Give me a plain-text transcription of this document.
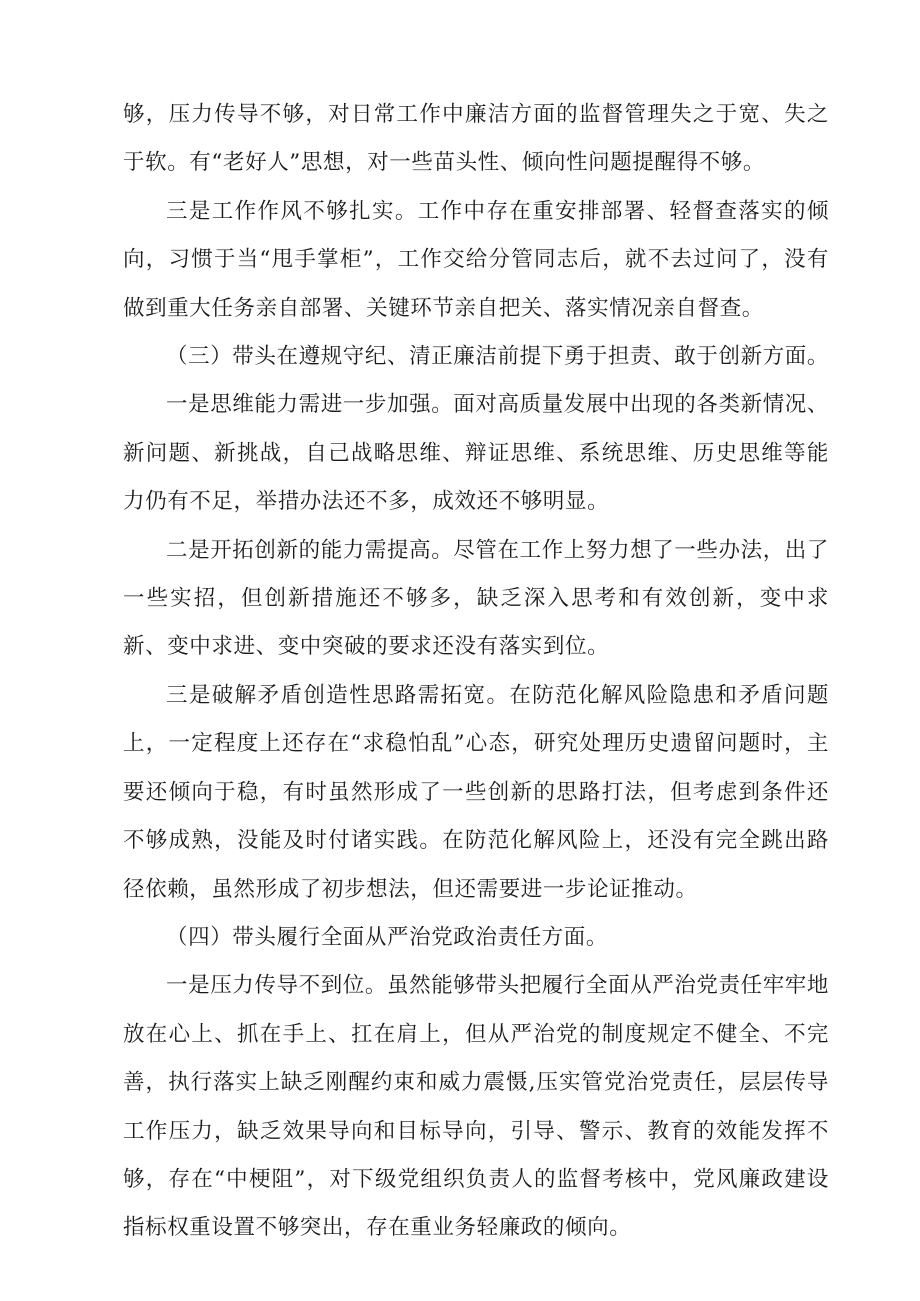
够，压力传导不够，对日常工作中廉洁方面的监督管理失之于宽、失之于软。有“老好人”思想，对一些苗头性、倾向性问题提醒得不够。

三是工作作风不够扎实。工作中存在重安排部署、轻督查落实的倾向，习惯于当“甩手掌柜”，工作交给分管同志后，就不去过问了，没有做到重大任务亲自部署、关键环节亲自把关、落实情况亲自督查。

（三）带头在遵规守纪、清正廉洁前提下勇于担责、敢于创新方面。

一是思维能力需进一步加强。面对高质量发展中出现的各类新情况、新问题、新挑战，自己战略思维、辩证思维、系统思维、历史思维等能力仍有不足，举措办法还不多，成效还不够明显。

二是开拓创新的能力需提高。尽管在工作上努力想了一些办法，出了一些实招，但创新措施还不够多，缺乏深入思考和有效创新，变中求新、变中求进、变中突破的要求还没有落实到位。

三是破解矛盾创造性思路需拓宽。在防范化解风险隐患和矛盾问题上，一定程度上还存在“求稳怕乱”心态，研究处理历史遗留问题时，主要还倾向于稳，有时虽然形成了一些创新的思路打法，但考虑到条件还不够成熟，没能及时付诸实践。在防范化解风险上，还没有完全跳出路径依赖，虽然形成了初步想法，但还需要进一步论证推动。

（四）带头履行全面从严治党政治责任方面。

一是压力传导不到位。虽然能够带头把履行全面从严治党责任牢牢地放在心上、抓在手上、扛在肩上，但从严治党的制度规定不健全、不完善，执行落实上缺乏刚醒约束和威力震慑,压实管党治党责任，层层传导工作压力，缺乏效果导向和目标导向，引导、警示、教育的效能发挥不够，存在“中梗阻”，对下级党组织负责人的监督考核中，党风廉政建设指标权重设置不够突出，存在重业务轻廉政的倾向。
